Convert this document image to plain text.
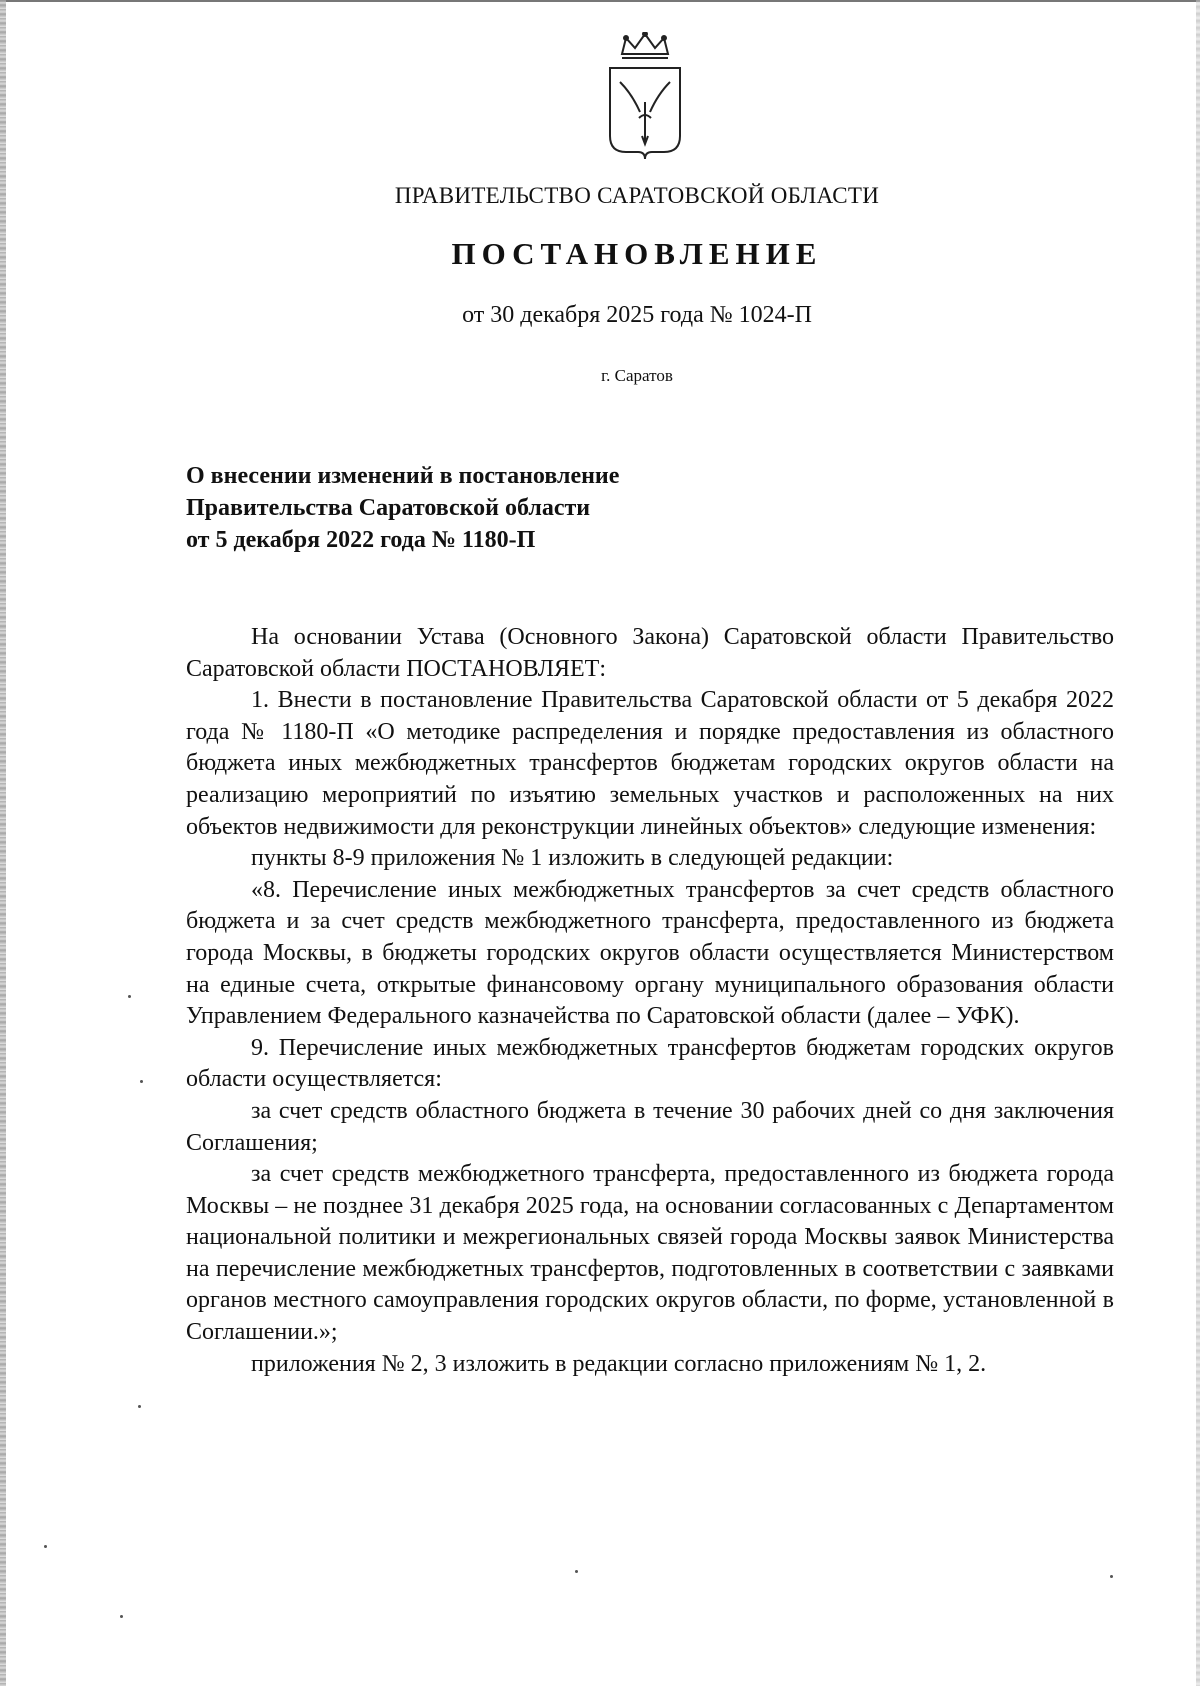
ПРАВИТЕЛЬСТВО САРАТОВСКОЙ ОБЛАСТИ
ПОСТАНОВЛЕНИЕ
от 30 декабря 2025 года № 1024-П
г. Саратов
О внесении изменений в постановление
Правительства Саратовской области
от 5 декабря 2022 года № 1180-П

На основании Устава (Основного Закона) Саратовской области Правительство Саратовской области ПОСТАНОВЛЯЕТ:

1. Внести в постановление Правительства Саратовской области от 5 декабря 2022 года № 1180-П «О методике распределения и порядке предоставления из областного бюджета иных межбюджетных трансфертов бюджетам городских округов области на реализацию мероприятий по изъятию земельных участков и расположенных на них объектов недвижимости для реконструкции линейных объектов» следующие изменения:

пункты 8-9 приложения № 1 изложить в следующей редакции:

«8. Перечисление иных межбюджетных трансфертов за счет средств областного бюджета и за счет средств межбюджетного трансферта, предоставленного из бюджета города Москвы, в бюджеты городских округов области осуществляется Министерством на единые счета, открытые финансовому органу муниципального образования области Управлением Федерального казначейства по Саратовской области (далее – УФК).

9. Перечисление иных межбюджетных трансфертов бюджетам городских округов области осуществляется:

за счет средств областного бюджета в течение 30 рабочих дней со дня заключения Соглашения;

за счет средств межбюджетного трансферта, предоставленного из бюджета города Москвы – не позднее 31 декабря 2025 года, на основании согласованных с Департаментом национальной политики и межрегиональных связей города Москвы заявок Министерства на перечисление межбюджетных трансфертов, подготовленных в соответствии с заявками органов местного самоуправления городских округов области, по форме, установленной в Соглашении.»;

приложения № 2, 3 изложить в редакции согласно приложениям № 1, 2.
